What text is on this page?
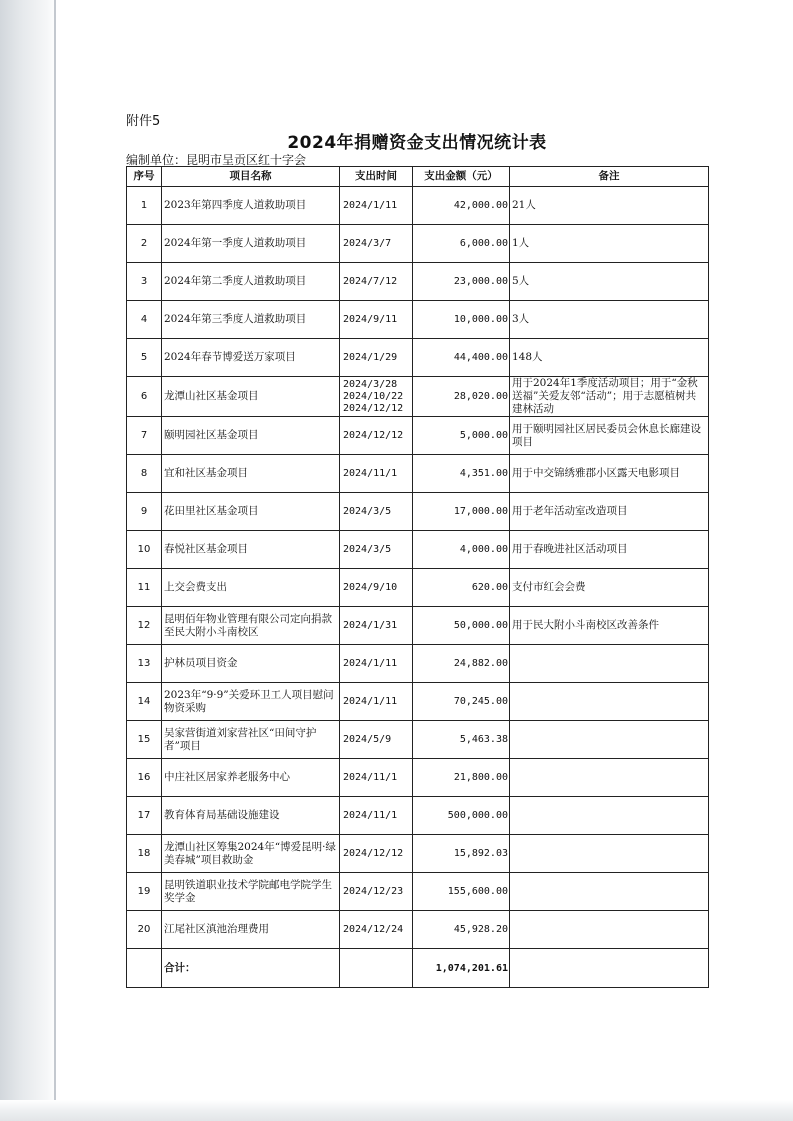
附件5
2024年捐赠资金支出情况统计表
编制单位：昆明市呈贡区红十字会
序号	项目名称	支出时间	支出金额（元）	备注
1	2023年第四季度人道救助项目	2024/1/11	42,000.00	21人
2	2024年第一季度人道救助项目	2024/3/7	6,000.00	1人
3	2024年第二季度人道救助项目	2024/7/12	23,000.00	5人
4	2024年第三季度人道救助项目	2024/9/11	10,000.00	3人
5	2024年春节博爱送万家项目	2024/1/29	44,400.00	148人
6	龙潭山社区基金项目	2024/3/28
2024/10/22
2024/12/12	28,020.00	用于2024年1季度活动项目；用于“金秋送福”关爱友邻“活动”；用于志愿植树共建林活动
7	颐明园社区基金项目	2024/12/12	5,000.00	用于颐明园社区居民委员会休息长廊建设项目
8	宜和社区基金项目	2024/11/1	4,351.00	用于中交锦绣雅郡小区露天电影项目
9	花田里社区基金项目	2024/3/5	17,000.00	用于老年活动室改造项目
10	春悦社区基金项目	2024/3/5	4,000.00	用于春晚进社区活动项目
11	上交会费支出	2024/9/10	620.00	支付市红会会费
12	昆明佰年物业管理有限公司定向捐款至民大附小斗南校区	2024/1/31	50,000.00	用于民大附小斗南校区改善条件
13	护林员项目资金	2024/1/11	24,882.00	
14	2023年“9·9”关爱环卫工人项目慰问物资采购	2024/1/11	70,245.00	
15	吴家营街道刘家营社区“田间守护者”项目	2024/5/9	5,463.38	
16	中庄社区居家养老服务中心	2024/11/1	21,800.00	
17	教育体育局基础设施建设	2024/11/1	500,000.00	
18	龙潭山社区筹集2024年“博爱昆明·绿美春城”项目救助金	2024/12/12	15,892.03	
19	昆明铁道职业技术学院邮电学院学生奖学金	2024/12/23	155,600.00	
20	江尾社区滇池治理费用	2024/12/24	45,928.20	
	合计：		1,074,201.61	
